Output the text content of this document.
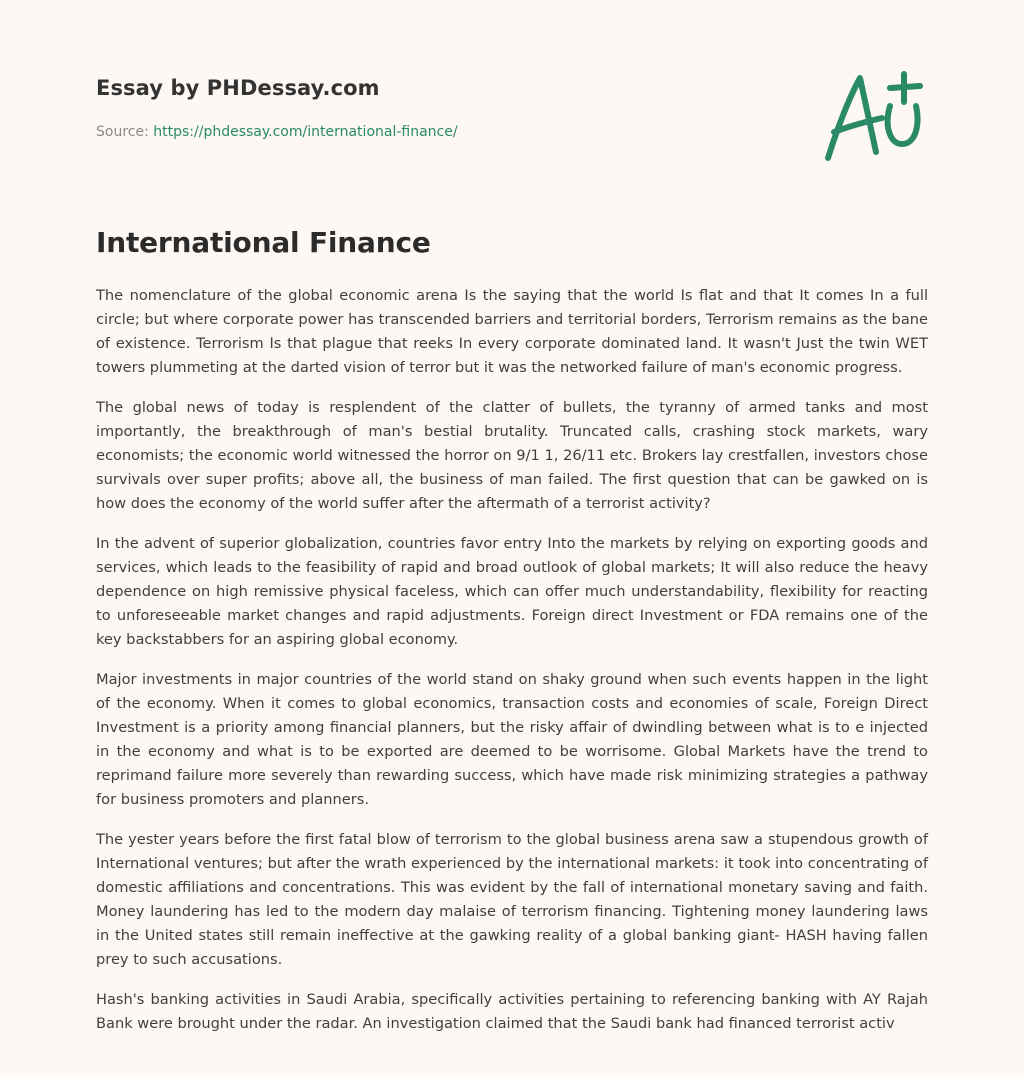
Essay by PHDessay.com
Source: https://phdessay.com/international-finance/
International Finance

The nomenclature of the global economic arena Is the saying that the world Is flat and that It comes In a full circle; but where corporate power has transcended barriers and territorial borders, Terrorism remains as the bane of existence. Terrorism Is that plague that reeks In every corporate dominated land. It wasn't Just the twin WET towers plummeting at the darted vision of terror but it was the networked failure of man's economic progress.

The global news of today is resplendent of the clatter of bullets, the tyranny of armed tanks and most importantly, the breakthrough of man's bestial brutality. Truncated calls, crashing stock markets, wary economists; the economic world witnessed the horror on 9/1 1, 26/11 etc. Brokers lay crestfallen, investors chose survivals over super profits; above all, the business of man failed. The first question that can be gawked on is how does the economy of the world suffer after the aftermath of a terrorist activity?

In the advent of superior globalization, countries favor entry Into the markets by relying on exporting goods and services, which leads to the feasibility of rapid and broad outlook of global markets; It will also reduce the heavy dependence on high remissive physical faceless, which can offer much understandability, flexibility for reacting to unforeseeable market changes and rapid adjustments. Foreign direct Investment or FDA remains one of the key backstabbers for an aspiring global economy.

Major investments in major countries of the world stand on shaky ground when such events happen in the light of the economy. When it comes to global economics, transaction costs and economies of scale, Foreign Direct Investment is a priority among financial planners, but the risky affair of dwindling between what is to e injected in the economy and what is to be exported are deemed to be worrisome. Global Markets have the trend to reprimand failure more severely than rewarding success, which have made risk minimizing strategies a pathway for business promoters and planners.

The yester years before the first fatal blow of terrorism to the global business arena saw a stupendous growth of International ventures; but after the wrath experienced by the international markets: it took into concentrating of domestic affiliations and concentrations. This was evident by the fall of international monetary saving and faith. Money laundering has led to the modern day malaise of terrorism financing. Tightening money laundering laws in the United states still remain ineffective at the gawking reality of a global banking giant- HASH having fallen prey to such accusations.

Hash's banking activities in Saudi Arabia, specifically activities pertaining to referencing banking with AY Rajah Bank were brought under the radar. An investigation claimed that the Saudi bank had financed terrorist activ
